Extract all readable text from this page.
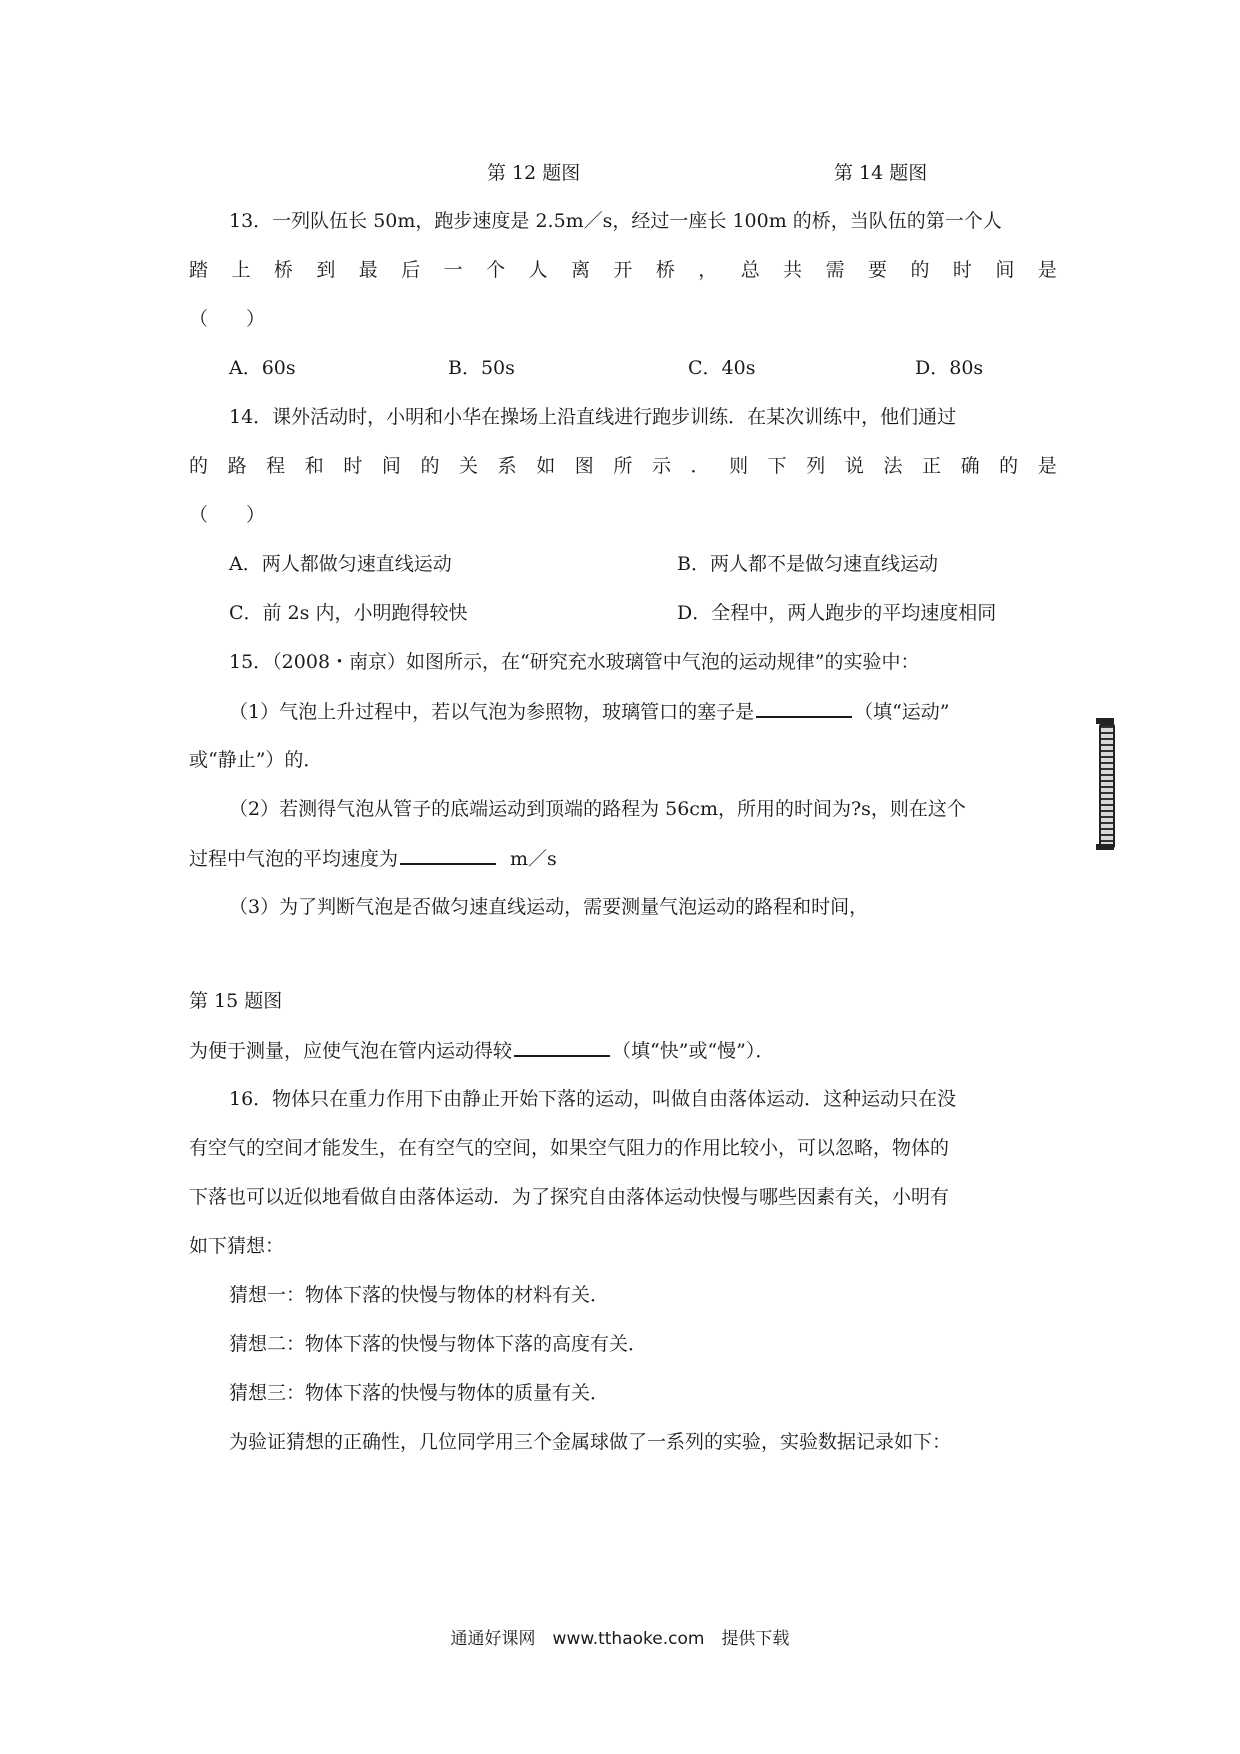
第 12 题图	第 14 题图
13．一列队伍长 50m，跑步速度是 2.5m／s，经过一座长 100m 的桥，当队伍的第一个人
踏 上 桥 到 最 后 一 个 人 离 开 桥 ， 总 共 需 要 的 时 间 是
（　　）
A．60s	B．50s	C．40s	D．80s
14．课外活动时，小明和小华在操场上沿直线进行跑步训练．在某次训练中，他们通过
的 路 程 和 时 间 的 关 系 如 图 所 示 ． 则 下 列 说 法 正 确 的 是
（　　）
A．两人都做匀速直线运动	B．两人都不是做匀速直线运动
C．前 2s 内，小明跑得较快	D．全程中，两人跑步的平均速度相同
15．（2008・南京）如图所示，在“研究充水玻璃管中气泡的运动规律”的实验中：
（1）气泡上升过程中，若以气泡为参照物，玻璃管口的塞子是	（填“运动”
或“静止”）的．
（2）若测得气泡从管子的底端运动到顶端的路程为 56cm，所用的时间为?s，则在这个
过程中气泡的平均速度为	m／s
（3）为了判断气泡是否做匀速直线运动，需要测量气泡运动的路程和时间，
第 15 题图
为便于测量，应使气泡在管内运动得较	（填“快”或“慢”）．
16．物体只在重力作用下由静止开始下落的运动，叫做自由落体运动．这种运动只在没
有空气的空间才能发生，在有空气的空间，如果空气阻力的作用比较小，可以忽略，物体的
下落也可以近似地看做自由落体运动．为了探究自由落体运动快慢与哪些因素有关，小明有
如下猜想：
猜想一：物体下落的快慢与物体的材料有关．
猜想二：物体下落的快慢与物体下落的高度有关．
猜想三：物体下落的快慢与物体的质量有关．
为验证猜想的正确性，几位同学用三个金属球做了一系列的实验，实验数据记录如下：
通通好课网　www.tthaoke.com　提供下载
